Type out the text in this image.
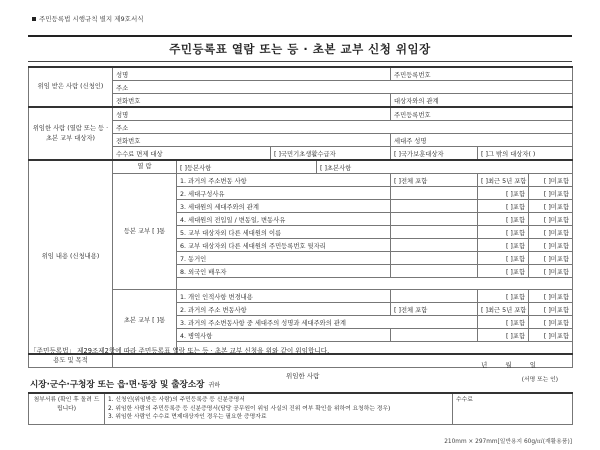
주민등록법 시행규칙 별지 제9호서식
주민등록표 열람 또는 등 · 초본 교부 신청 위임장
위임 받은 사람 (신청인)	성명				주민등록번호		
	주소						
	전화번호				대상자와의 관계		
위임한 사람 (열람 또는 등 · 초본 교부 대상자)	성명				주민등록번호		
	주소						
	전화번호				세대주 성명		
	수수료 면제 대상		[ ]국민기초생활수급자		[ ]국가보훈대상자	[ ]그 밖의 대상자( )	
위임 내용 (신청내용)	열 람	[ ]등본사항		[ ]초본사항			
	등본 교부 [ ]통	1. 과거의 주소변동 사항			[ ]전체 포함	[ ]최근 5년 포함	[ ]미포함
		2. 세대구성사유				[ ]포함	[ ]미포함
		3. 세대원의 세대주와의 관계				[ ]포함	[ ]미포함
		4. 세대원의 전입일 / 변동일, 변동사유				[ ]포함	[ ]미포함
		5. 교부 대상자외 다른 세대원의 이름				[ ]포함	[ ]미포함
		6. 교부 대상자외 다른 세대원의 주민등록번호 뒷자리				[ ]포함	[ ]미포함
		7. 동거인				[ ]포함	[ ]미포함
		8. 외국인 배우자				[ ]포함	[ ]미포함

	초본 교부 [ ]통	1. 개인 인적사항 변경내용				[ ]포함	[ ]미포함
		2. 과거의 주소 변동사항			[ ]전체 포함	[ ]최근 5년 포함	[ ]미포함
		3. 과거의 주소변동사항 중 세대주의 성명과 세대주와의 관계				[ ]포함	[ ]미포함
		4. 병역사항				[ ]포함	[ ]미포함

용도 및 목적							
「주민등록법」 제29조제2항에 따라 주민등록표 열람 또는 등 · 초본 교부 신청을 위와 같이 위임합니다.
년 월 일
위임한 사람	(서명 또는 인)
시장·군수·구청장 또는 읍·면·동장 및 출장소장 귀하
첨부서류 (확인 후 돌려 드립니다)	
1. 신청인(위임받은 사람)의 주민등록증 등 신분증명서
2. 위임한 사람의 주민등록증 등 신분증명서(담당 공무원이 위임 사실의 진위 여부 확인을 위하여 요청하는 경우)
3. 위임한 사람인 수수료 면제대상자인 경우는 필요한 증명자료
	수수료
210mm × 297mm[일반용지 60g/㎡(재활용품)]
